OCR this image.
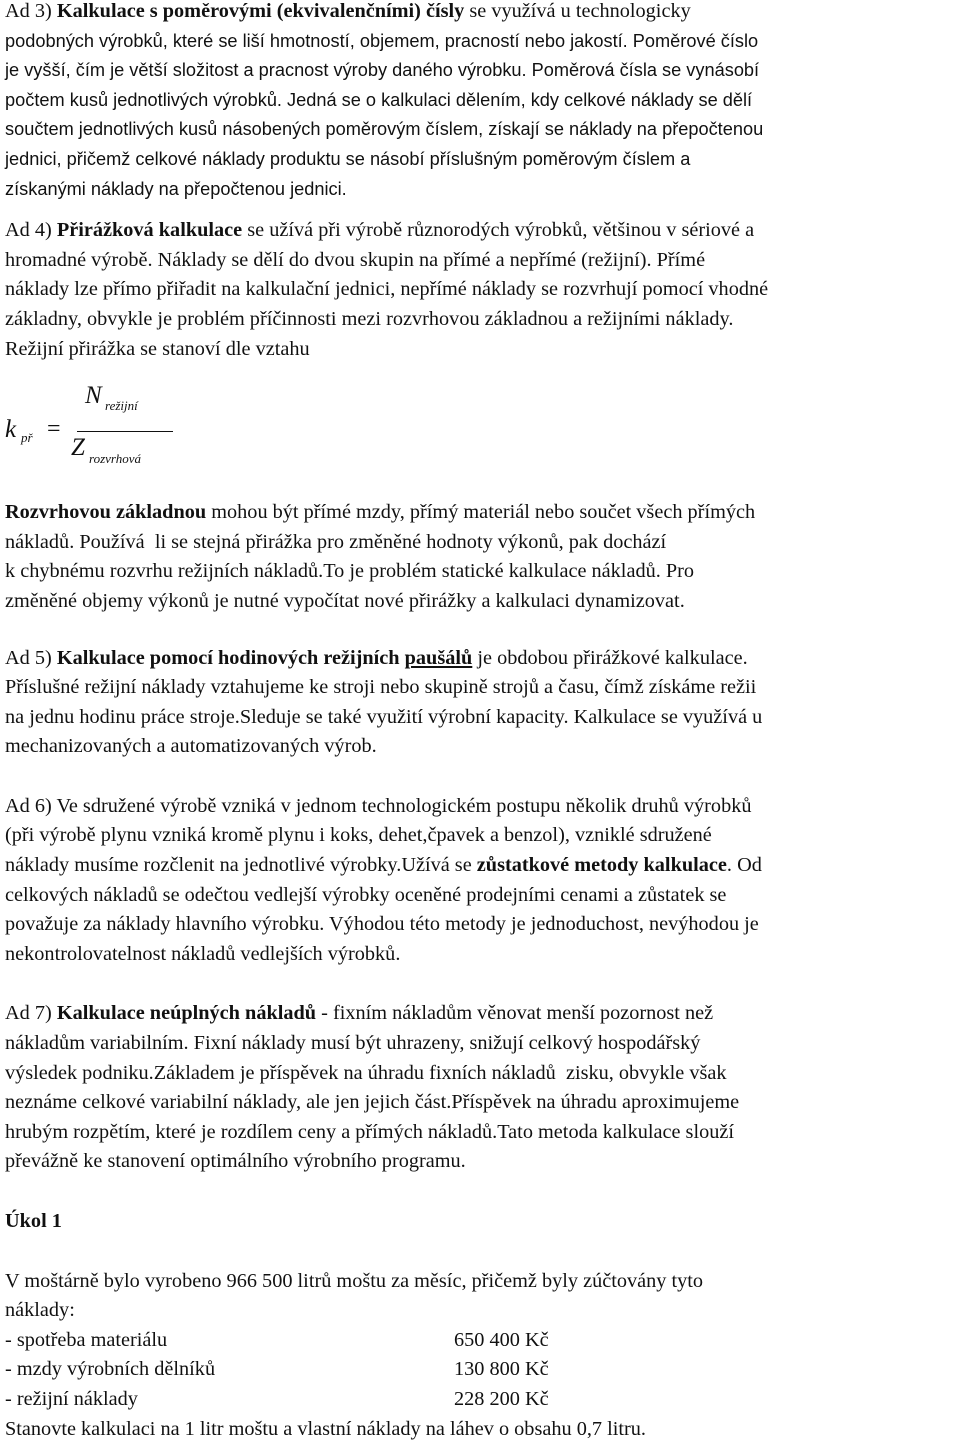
Ad 3) Kalkulace s poměrovými (ekvivalenčními) čísly se využívá u technologicky

podobných výrobků, které se liší hmotností, objemem, pracností nebo jakostí. Poměrové číslo

je vyšší, čím je větší složitost a pracnost výroby daného výrobku. Poměrová čísla se vynásobí

počtem kusů jednotlivých výrobků. Jedná se o kalkulaci dělením, kdy celkové náklady se dělí

součtem jednotlivých kusů násobených poměrovým číslem, získají se náklady na přepočtenou

jednici, přičemž celkové náklady produktu se násobí příslušným poměrovým číslem a

získanými náklady na přepočtenou jednici.

Ad 4) Přirážková kalkulace se užívá při výrobě různorodých výrobků, většinou v sériové a

hromadné výrobě. Náklady se dělí do dvou skupin na přímé a nepřímé (režijní). Přímé

náklady lze přímo přiřadit na kalkulační jednici, nepřímé náklady se rozvrhují pomocí vhodné

základny, obvykle je problém příčinnosti mezi rozvrhovou základnou a režijními náklady.

Režijní přirážka se stanoví dle vztahu

k př =
N režijní
Z rozvrhová

Rozvrhovou základnou mohou být přímé mzdy, přímý materiál nebo součet všech přímých

nákladů. Používá  li se stejná přirážka pro změněné hodnoty výkonů, pak dochází

k chybnému rozvrhu režijních nákladů.To je problém statické kalkulace nákladů. Pro

změněné objemy výkonů je nutné vypočítat nové přirážky a kalkulaci dynamizovat.

Ad 5) Kalkulace pomocí hodinových režijních paušálů je obdobou přirážkové kalkulace.

Příslušné režijní náklady vztahujeme ke stroji nebo skupině strojů a času, čímž získáme režii

na jednu hodinu práce stroje.Sleduje se také využití výrobní kapacity. Kalkulace se využívá u

mechanizovaných a automatizovaných výrob.

Ad 6) Ve sdružené výrobě vzniká v jednom technologickém postupu několik druhů výrobků

(při výrobě plynu vzniká kromě plynu i koks, dehet,čpavek a benzol), vzniklé sdružené

náklady musíme rozčlenit na jednotlivé výrobky.Užívá se zůstatkové metody kalkulace. Od

celkových nákladů se odečtou vedlejší výrobky oceněné prodejními cenami a zůstatek se

považuje za náklady hlavního výrobku. Výhodou této metody je jednoduchost, nevýhodou je

nekontrolovatelnost nákladů vedlejších výrobků.

Ad 7) Kalkulace neúplných nákladů - fixním nákladům věnovat menší pozornost než

nákladům variabilním. Fixní náklady musí být uhrazeny, snižují celkový hospodářský

výsledek podniku.Základem je příspěvek na úhradu fixních nákladů  zisku, obvykle však

neznáme celkové variabilní náklady, ale jen jejich část.Příspěvek na úhradu aproximujeme

hrubým rozpětím, které je rozdílem ceny a přímých nákladů.Tato metoda kalkulace slouží

převážně ke stanovení optimálního výrobního programu.

Úkol 1

V moštárně bylo vyrobeno 966 500 litrů moštu za měsíc, přičemž byly zúčtovány tyto

náklady:

- spotřeba materiálu	650 400 Kč
- mzdy výrobních dělníků	130 800 Kč
- režijní náklady	228 200 Kč

Stanovte kalkulaci na 1 litr moštu a vlastní náklady na láhev o obsahu 0,7 litru.
